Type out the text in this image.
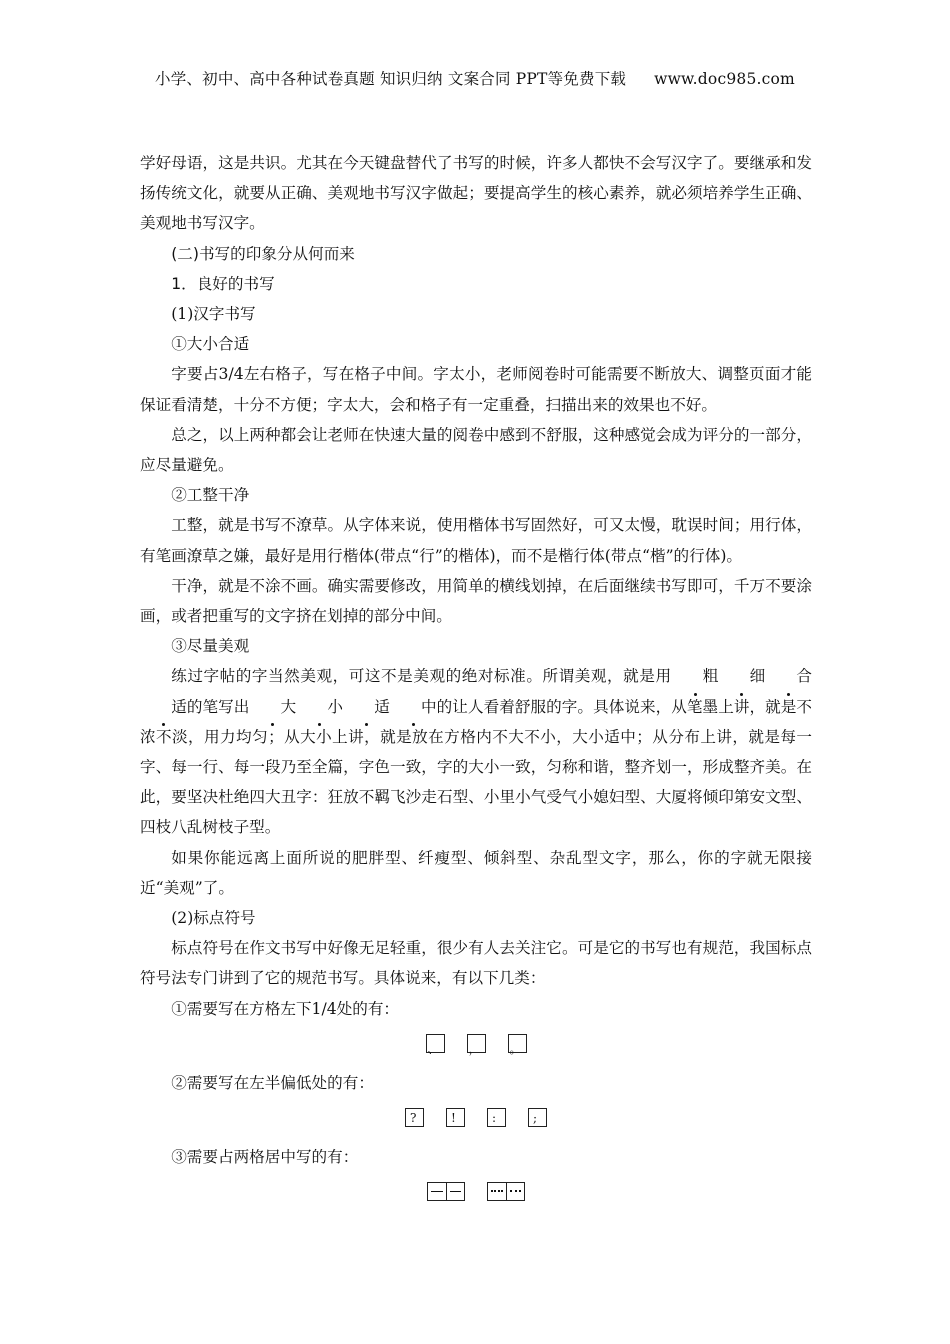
小学、初中、高中各种试卷真题 知识归纳 文案合同 PPT等免费下载 www.doc985.com

学好母语，这是共识。尤其在今天键盘替代了书写的时候，许多人都快不会写汉字了。要继承和发扬传统文化，就要从正确、美观地书写汉字做起；要提高学生的核心素养，就必须培养学生正确、美观地书写汉字。

(二)书写的印象分从何而来

1．良好的书写

(1)汉字书写

①大小合适

字要占3/4左右格子，写在格子中间。字太小，老师阅卷时可能需要不断放大、调整页面才能保证看清楚，十分不方便；字太大，会和格子有一定重叠，扫描出来的效果也不好。

总之，以上两种都会让老师在快速大量的阅卷中感到不舒服，这种感觉会成为评分的一部分，应尽量避免。

②工整干净

工整，就是书写不潦草。从字体来说，使用楷体书写固然好，可又太慢，耽误时间；用行体，有笔画潦草之嫌，最好是用行楷体(带点“行”的楷体)，而不是楷行体(带点“楷”的行体)。

干净，就是不涂不画。确实需要修改，用简单的横线划掉，在后面继续书写即可，千万不要涂画，或者把重写的文字挤在划掉的部分中间。

③尽量美观

练过字帖的字当然美观，可这不是美观的绝对标准。所谓美观，就是用 粗 细 合适的笔写出 大 小 适 中的让人看着舒服的字。具体说来，从笔墨上讲，就是不浓不淡，用力均匀；从大小上讲，就是放在方格内不大不小，大小适中；从分布上讲，就是每一字、每一行、每一段乃至全篇，字色一致，字的大小一致，匀称和谐，整齐划一，形成整齐美。在此，要坚决杜绝四大丑字：狂放不羁飞沙走石型、小里小气受气小媳妇型、大厦将倾印第安文型、四枝八乱树枝子型。

如果你能远离上面所说的肥胖型、纤瘦型、倾斜型、杂乱型文字，那么，你的字就无限接近“美观”了。

(2)标点符号

标点符号在作文书写中好像无足轻重，很少有人去关注它。可是它的书写也有规范，我国标点符号法专门讲到了它的规范书写。具体说来，有以下几类：

①需要写在方格左下1/4处的有：

、 ， 。

②需要写在左半偏低处的有：

?	!	:	;

③需要占两格居中写的有：
